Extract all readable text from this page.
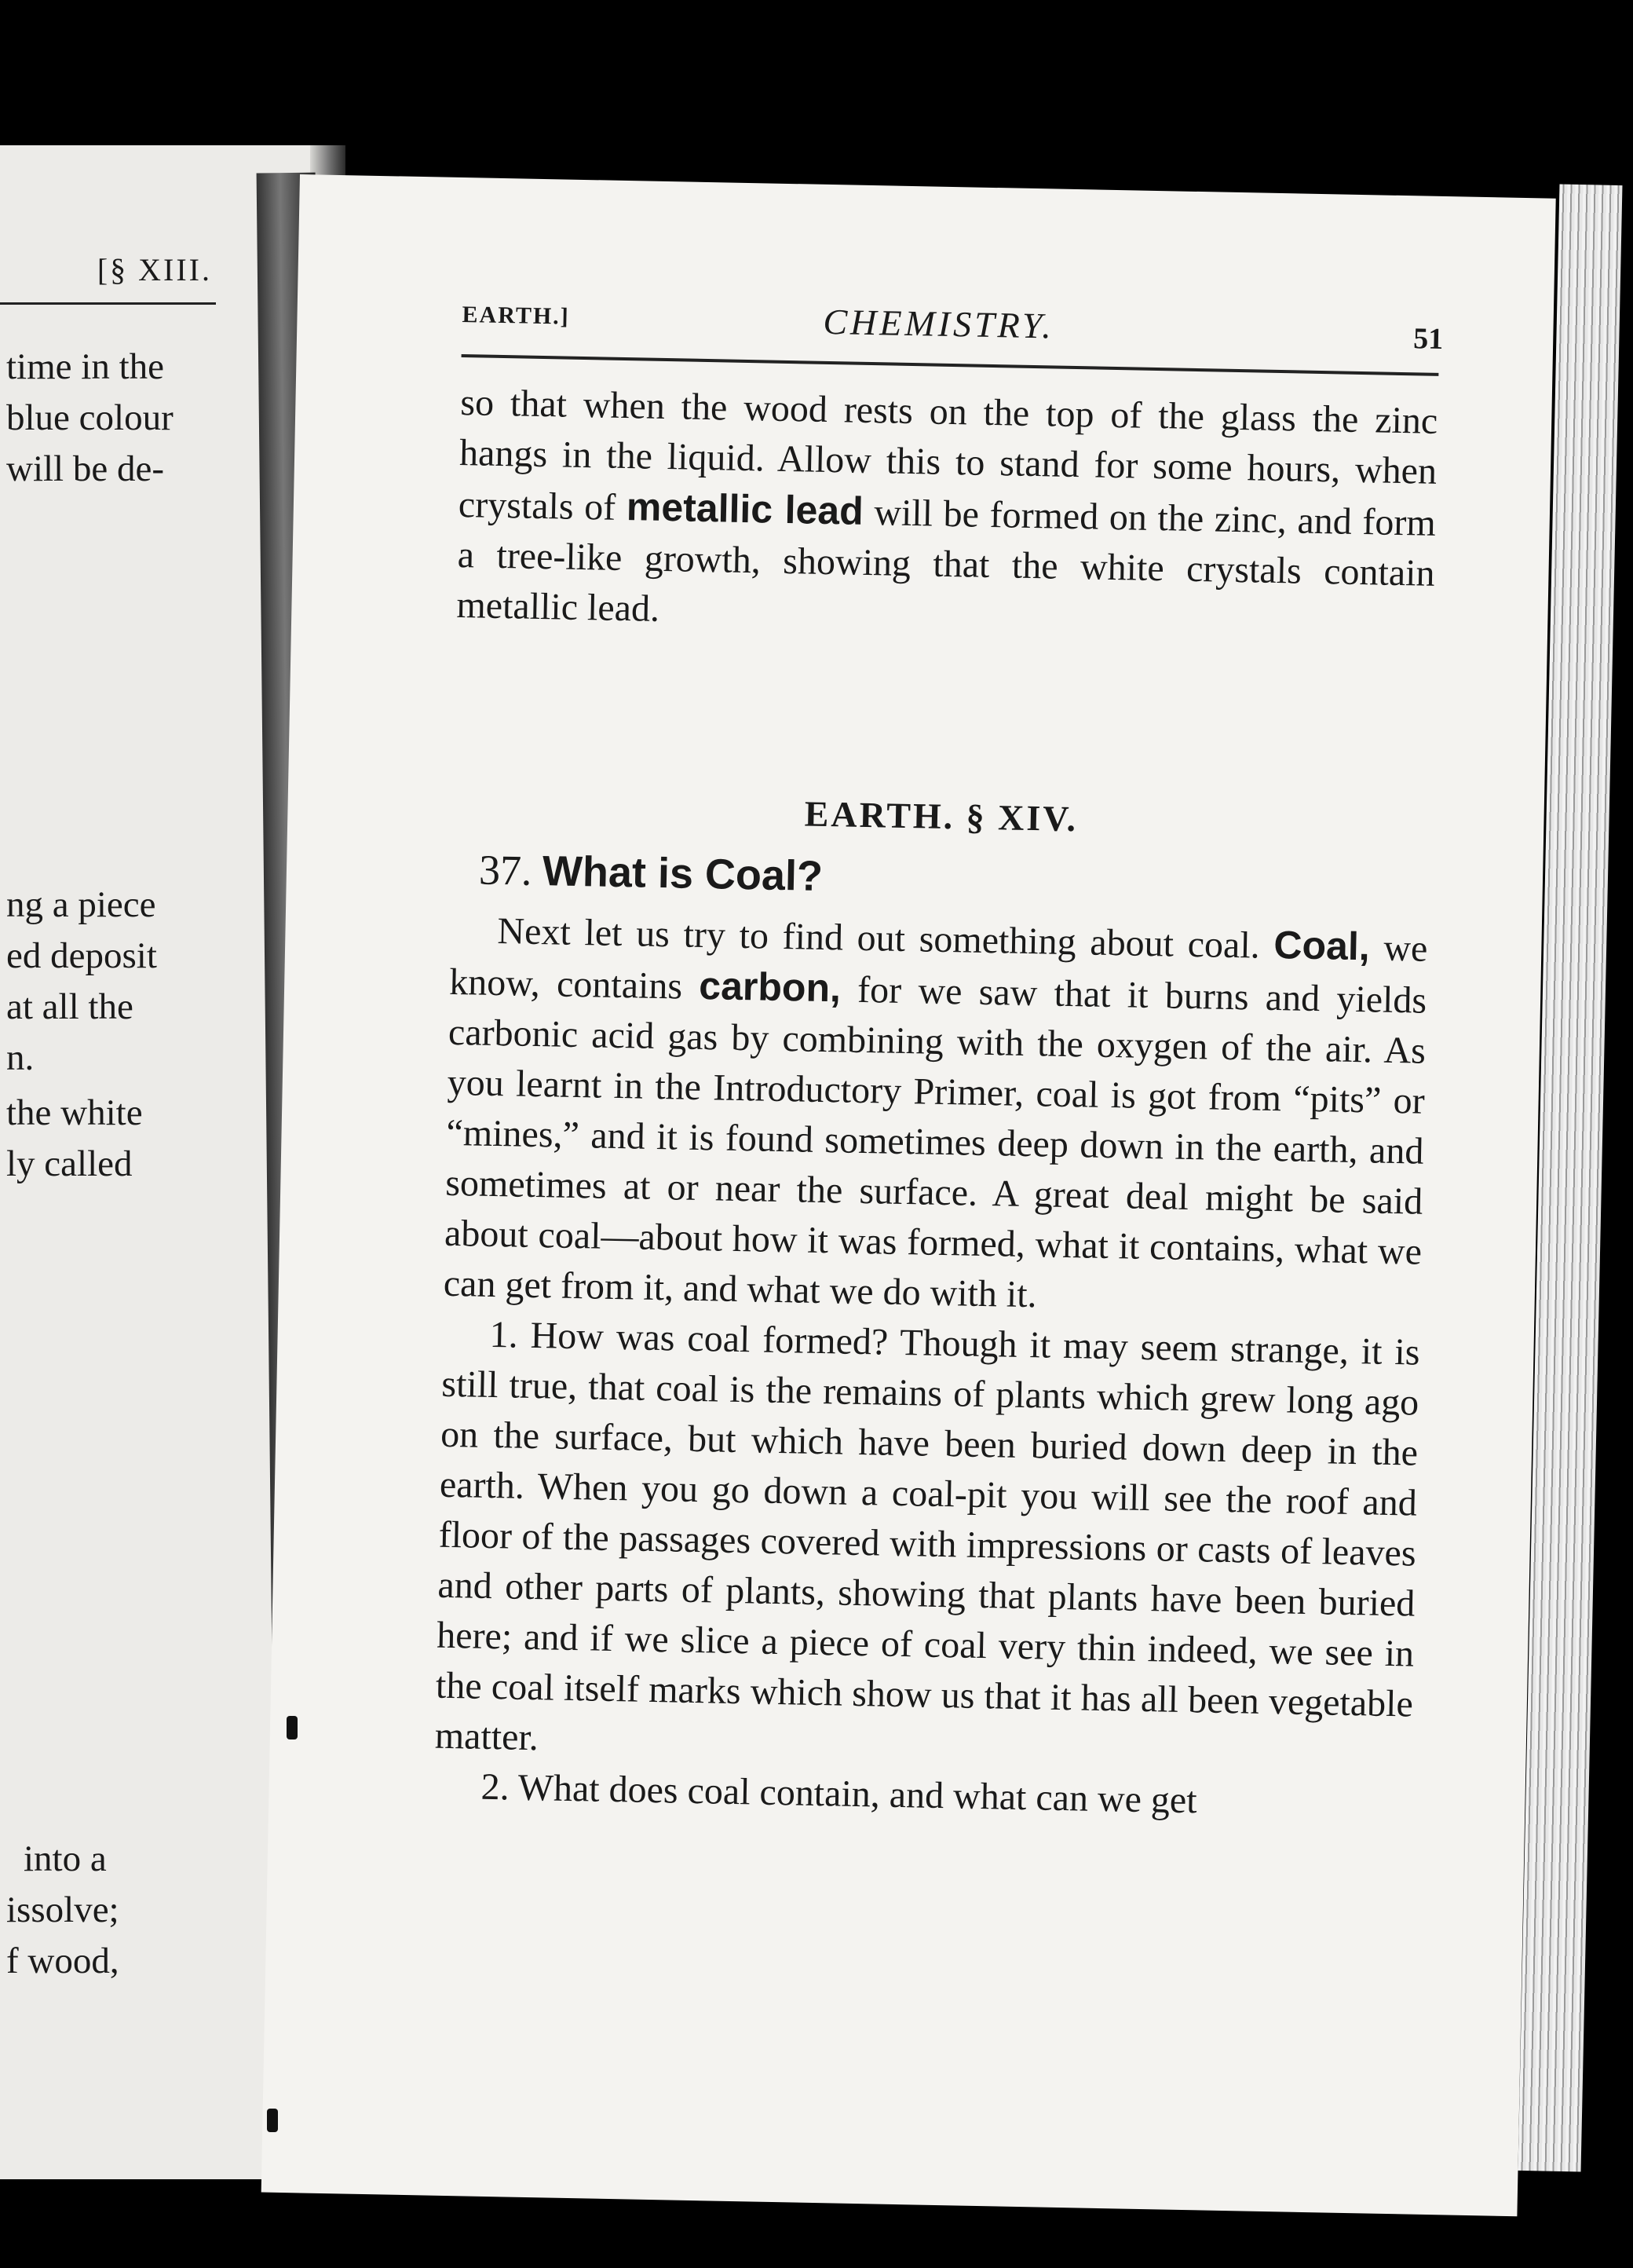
[§ XIII.
time in the
blue colour
will be de-
ng a piece
ed deposit
at all the
n.
the white
ly called
into a
issolve;
f wood,
EARTH.]	CHEMISTRY.	51

so that when the wood rests on the top of the glass the zinc hangs in the liquid. Allow this to stand for some hours, when crystals of metallic lead will be formed on the zinc, and form a tree-like growth, showing that the white crystals contain metallic lead.

EARTH. § XIV.
37. What is Coal?

Next let us try to find out something about coal. Coal, we know, contains carbon, for we saw that it burns and yields carbonic acid gas by combining with the oxygen of the air. As you learnt in the Introductory Primer, coal is got from “pits” or “mines,” and it is found sometimes deep down in the earth, and sometimes at or near the surface. A great deal might be said about coal—about how it was formed, what it contains, what we can get from it, and what we do with it.

1. How was coal formed? Though it may seem strange, it is still true, that coal is the remains of plants which grew long ago on the surface, but which have been buried down deep in the earth. When you go down a coal-pit you will see the roof and floor of the passages covered with impressions or casts of leaves and other parts of plants, showing that plants have been buried here; and if we slice a piece of coal very thin indeed, we see in the coal itself marks which show us that it has all been vegetable matter.

2. What does coal contain, and what can we get
